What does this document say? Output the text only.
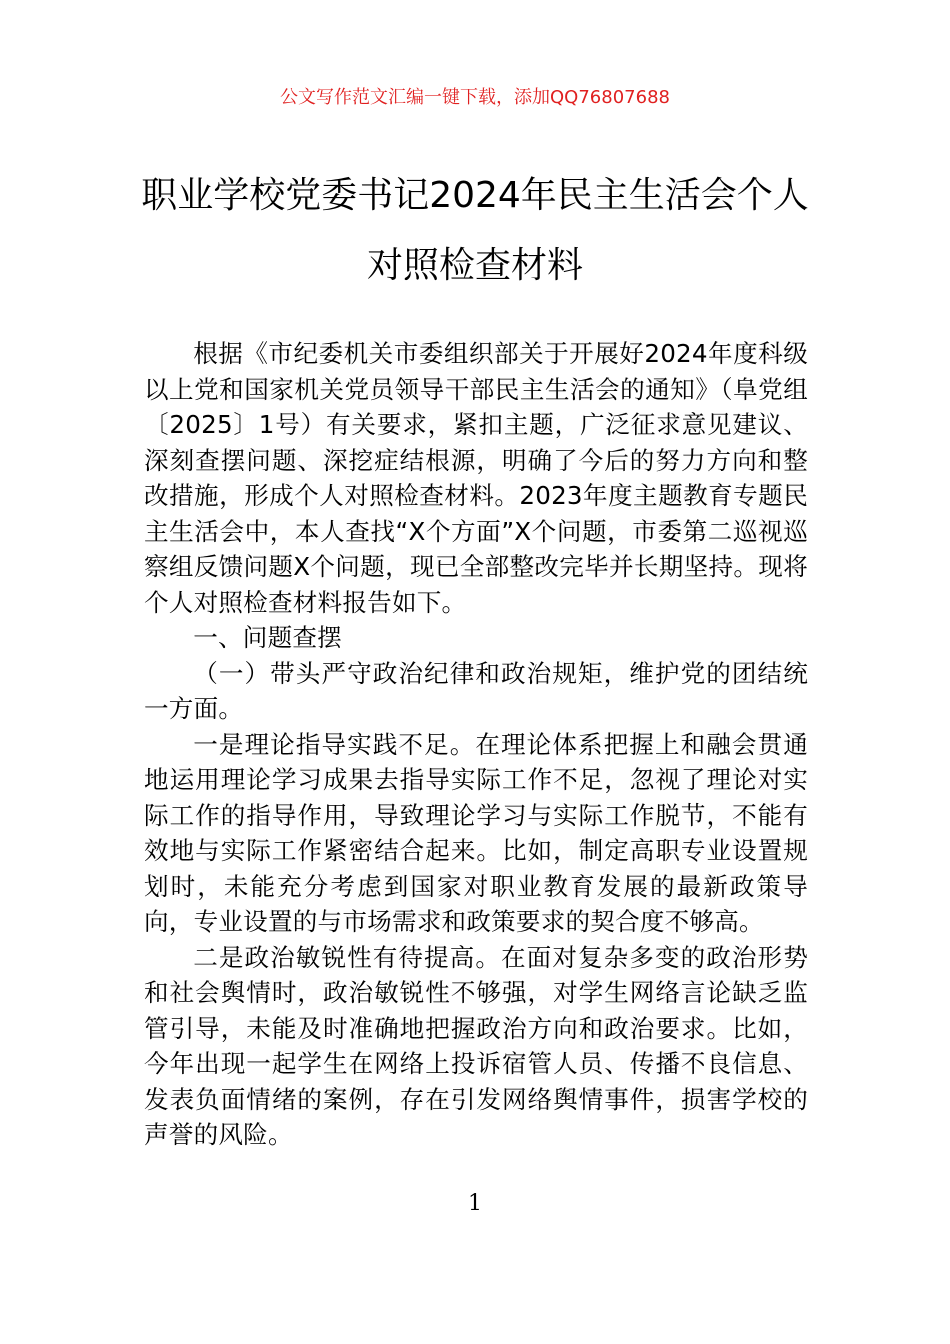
公文写作范文汇编一键下载，添加QQ76807688
职业学校党委书记2024年民主生活会个人
对照检查材料

根据《市纪委机关市委组织部关于开展好2024年度科级以上党和国家机关党员领导干部民主生活会的通知》（阜党组〔2025〕1号）有关要求，紧扣主题，广泛征求意见建议、深刻查摆问题、深挖症结根源，明确了今后的努力方向和整改措施，形成个人对照检查材料。2023年度主题教育专题民主生活会中，本人查找“X个方面”X个问题，市委第二巡视巡察组反馈问题X个问题，现已全部整改完毕并长期坚持。现将个人对照检查材料报告如下。

一、问题查摆

（一）带头严守政治纪律和政治规矩，维护党的团结统一方面。

一是理论指导实践不足。在理论体系把握上和融会贯通地运用理论学习成果去指导实际工作不足，忽视了理论对实际工作的指导作用，导致理论学习与实际工作脱节，不能有效地与实际工作紧密结合起来。比如，制定高职专业设置规划时，未能充分考虑到国家对职业教育发展的最新政策导向，专业设置的与市场需求和政策要求的契合度不够高。

二是政治敏锐性有待提高。在面对复杂多变的政治形势和社会舆情时，政治敏锐性不够强，对学生网络言论缺乏监管引导，未能及时准确地把握政治方向和政治要求。比如，今年出现一起学生在网络上投诉宿管人员、传播不良信息、发表负面情绪的案例，存在引发网络舆情事件，损害学校的声誉的风险。

1
